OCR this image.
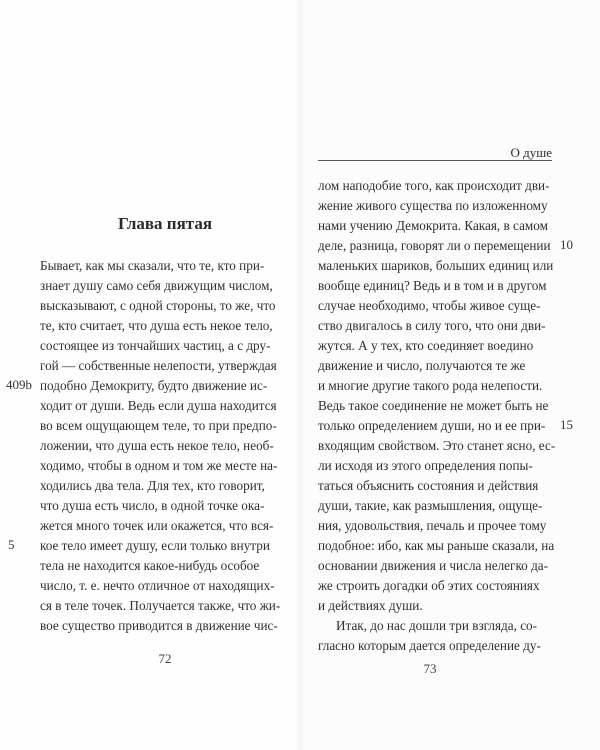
Глава пятая
Бывает, как мы сказали, что те, кто при-
знает душу само себя движущим числом,
высказывают, с одной стороны, то же, что
те, кто считает, что душа есть некое тело,
состоящее из тончайших частиц, а с дру-
гой — собственные нелепости, утверждая
подобно Демокриту, будто движение ис-
ходит от души. Ведь если душа находится
во всем ощущающем теле, то при предпо-
ложении, что душа есть некое тело, необ-
ходимо, чтобы в одном и том же месте на-
ходились два тела. Для тех, кто говорит,
что душа есть число, в одной точке ока-
жется много точек или окажется, что вся-
кое тело имеет душу, если только внутри
тела не находится какое-нибудь особое
число, т. е. нечто отличное от находящих-
ся в теле точек. Получается также, что жи-
вое существо приводится в движение чис-
409b
5
72
О душе
лом наподобие того, как происходит дви-
жение живого существа по изложенному
нами учению Демокрита. Какая, в самом
деле, разница, говорят ли о перемещении
маленьких шариков, больших единиц или
вообще единиц? Ведь и в том и в другом
случае необходимо, чтобы живое суще-
ство двигалось в силу того, что они дви-
жутся. А у тех, кто соединяет воедино
движение и число, получаются те же
и многие другие такого рода нелепости.
Ведь такое соединение не может быть не
только определением души, но и ее при-
входящим свойством. Это станет ясно, ес-
ли исходя из этого определения попы-
таться объяснить состояния и действия
души, такие, как размышления, ощуще-
ния, удовольствия, печаль и прочее тому
подобное: ибо, как мы раньше сказали, на
основании движения и числа нелегко да-
же строить догадки об этих состояниях
и действиях души.
Итак, до нас дошли три взгляда, со-
гласно которым дается определение ду-
10
15
73
